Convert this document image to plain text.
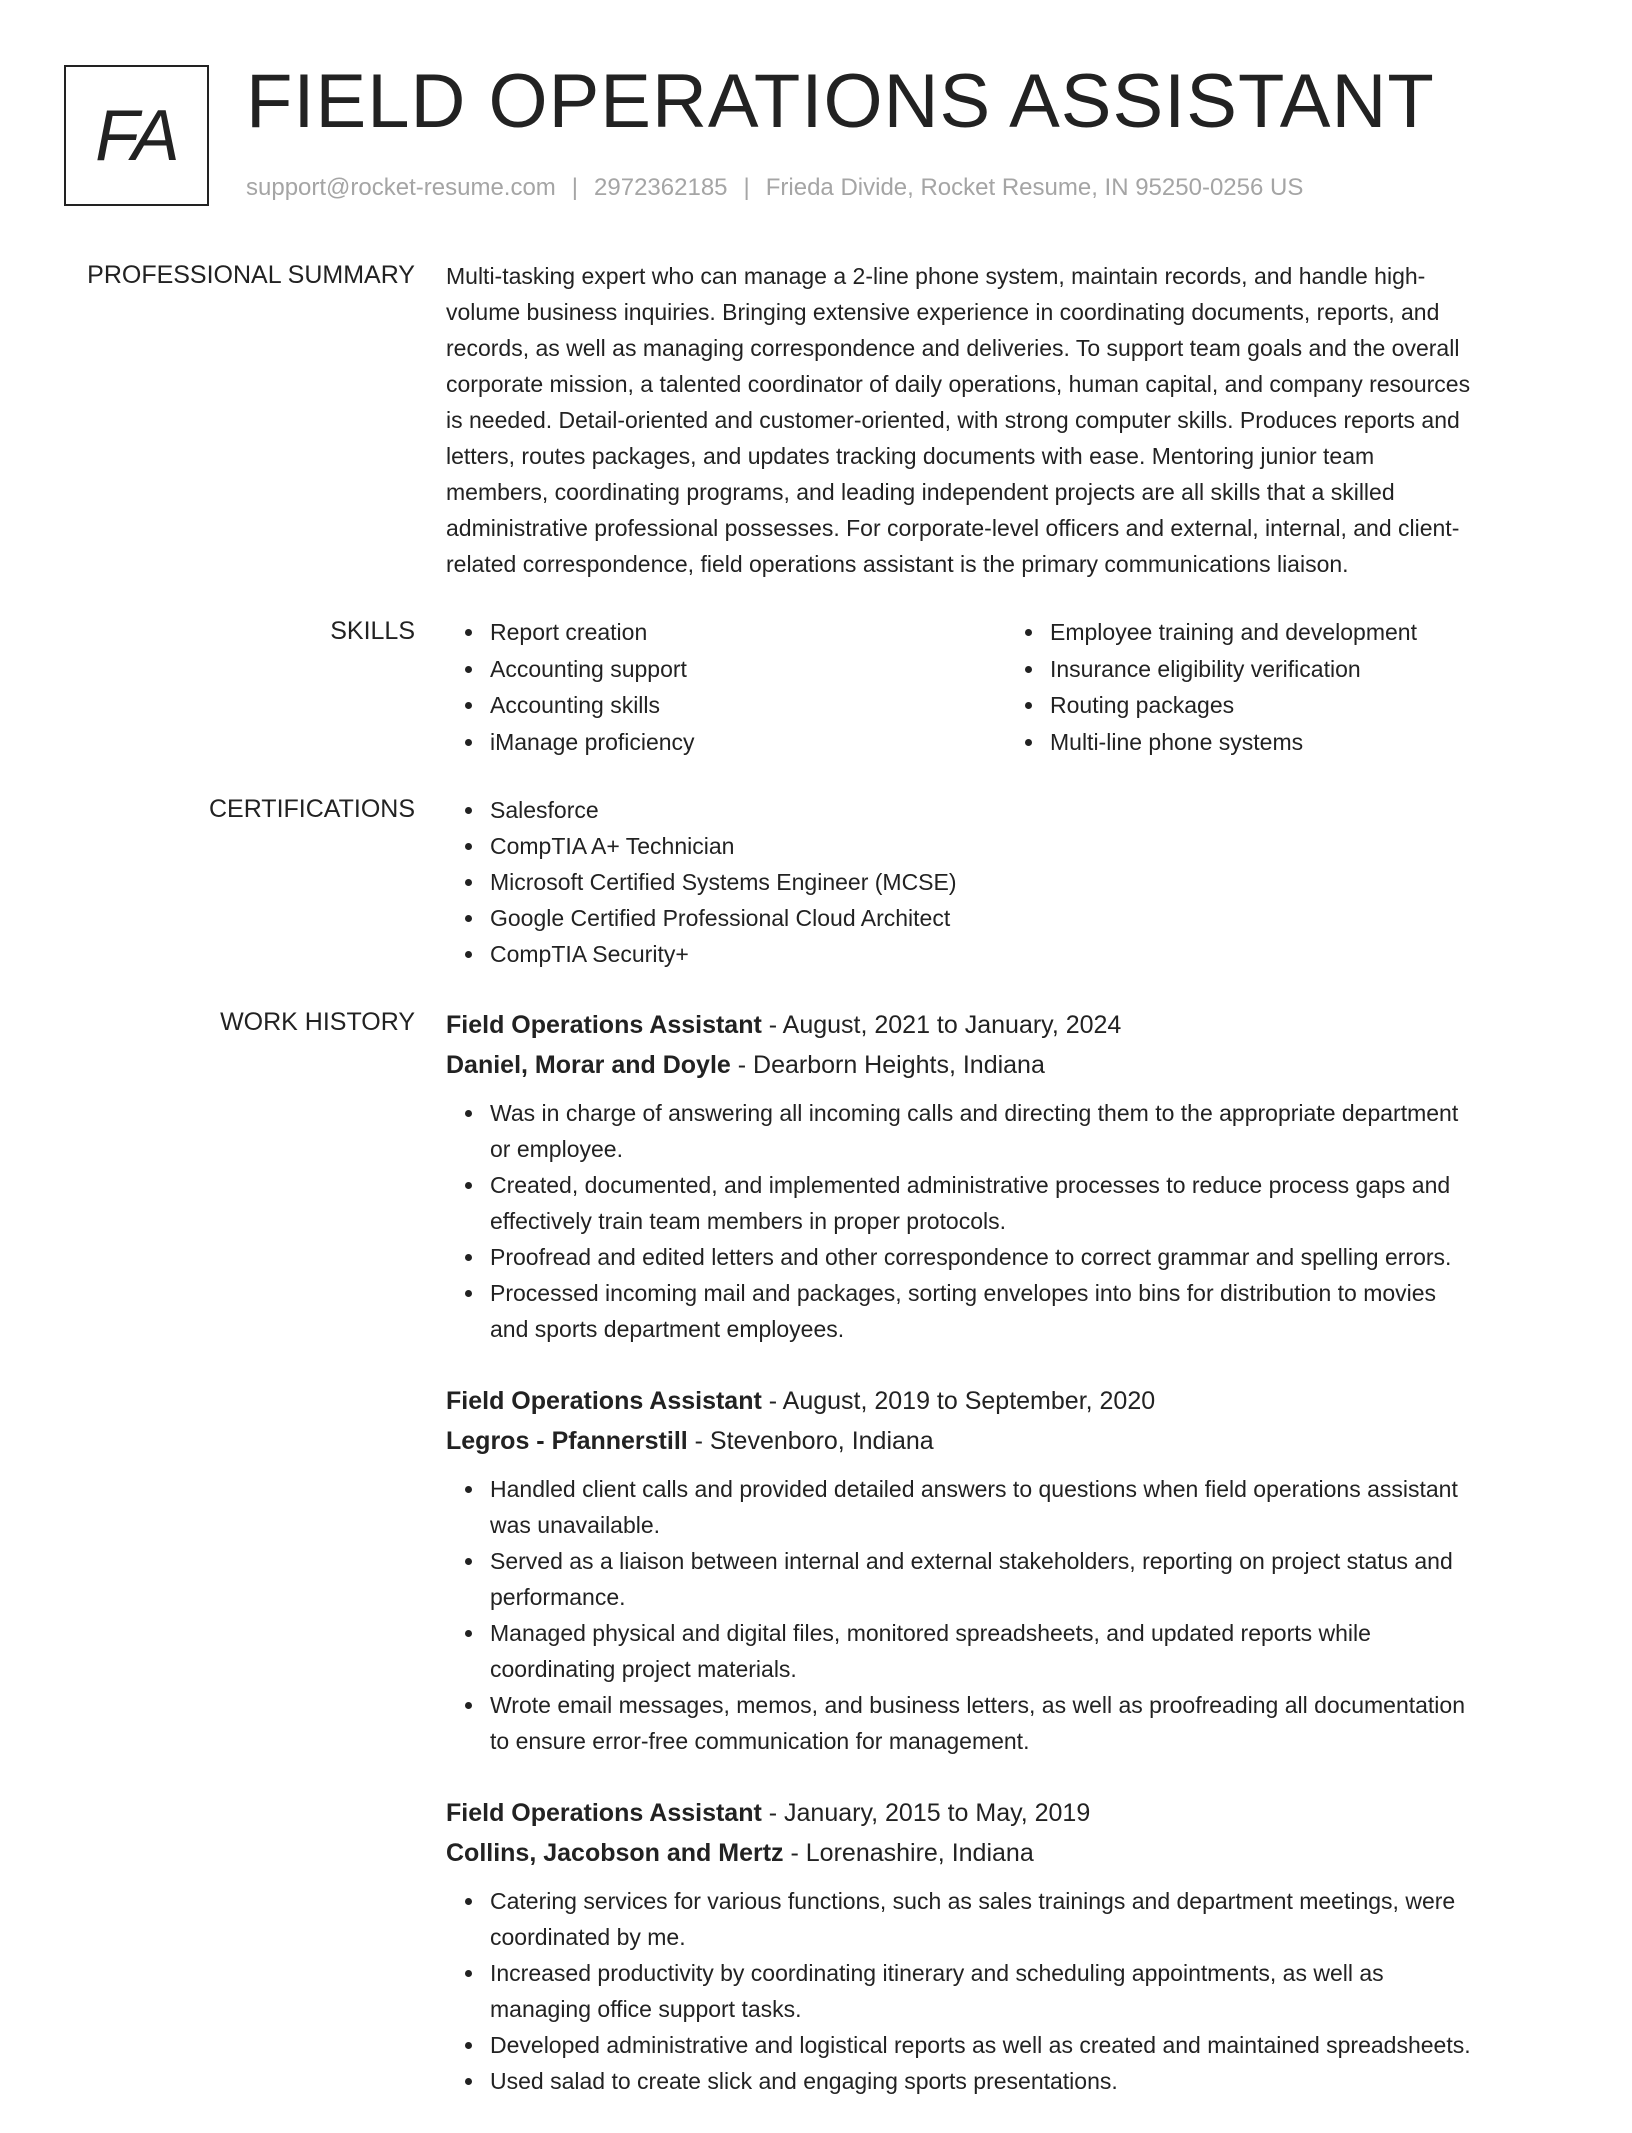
FA FIELD OPERATIONS ASSISTANT
support@rocket-resume.com | 2972362185 | Frieda Divide, Rocket Resume, IN 95250-0256 US
PROFESSIONAL SUMMARY Multi-tasking expert who can manage a 2-line phone system, maintain records, and handle high-

volume business inquiries. Bringing extensive experience in coordinating documents, reports, and

records, as well as managing correspondence and deliveries. To support team goals and the overall

corporate mission, a talented coordinator of daily operations, human capital, and company resources

is needed. Detail-oriented and customer-oriented, with strong computer skills. Produces reports and

letters, routes packages, and updates tracking documents with ease. Mentoring junior team

members, coordinating programs, and leading independent projects are all skills that a skilled

administrative professional possesses. For corporate-level officers and external, internal, and client-

related correspondence, field operations assistant is the primary communications liaison.

SKILLS	Report creation
Accounting support
Accounting skills
iManage proficiency
Employee training and development
Insurance eligibility verification
Routing packages
Multi-line phone systems
CERTIFICATIONS	Salesforce
CompTIA A+ Technician
Microsoft Certified Systems Engineer (MCSE)
Google Certified Professional Cloud Architect
CompTIA Security+
WORK HISTORY Field Operations Assistant - August, 2021 to January, 2024
Daniel, Morar and Doyle - Dearborn Heights, Indiana
Was in charge of answering all incoming calls and directing them to the appropriate department
or employee.
Created, documented, and implemented administrative processes to reduce process gaps and
effectively train team members in proper protocols.
Proofread and edited letters and other correspondence to correct grammar and spelling errors.
Processed incoming mail and packages, sorting envelopes into bins for distribution to movies
and sports department employees.
Field Operations Assistant - August, 2019 to September, 2020
Legros - Pfannerstill - Stevenboro, Indiana
Handled client calls and provided detailed answers to questions when field operations assistant
was unavailable.
Served as a liaison between internal and external stakeholders, reporting on project status and
performance.
Managed physical and digital files, monitored spreadsheets, and updated reports while
coordinating project materials.
Wrote email messages, memos, and business letters, as well as proofreading all documentation
to ensure error-free communication for management.
Field Operations Assistant - January, 2015 to May, 2019
Collins, Jacobson and Mertz - Lorenashire, Indiana
Catering services for various functions, such as sales trainings and department meetings, were
coordinated by me.
Increased productivity by coordinating itinerary and scheduling appointments, as well as
managing office support tasks.
Developed administrative and logistical reports as well as created and maintained spreadsheets.
Used salad to create slick and engaging sports presentations.
